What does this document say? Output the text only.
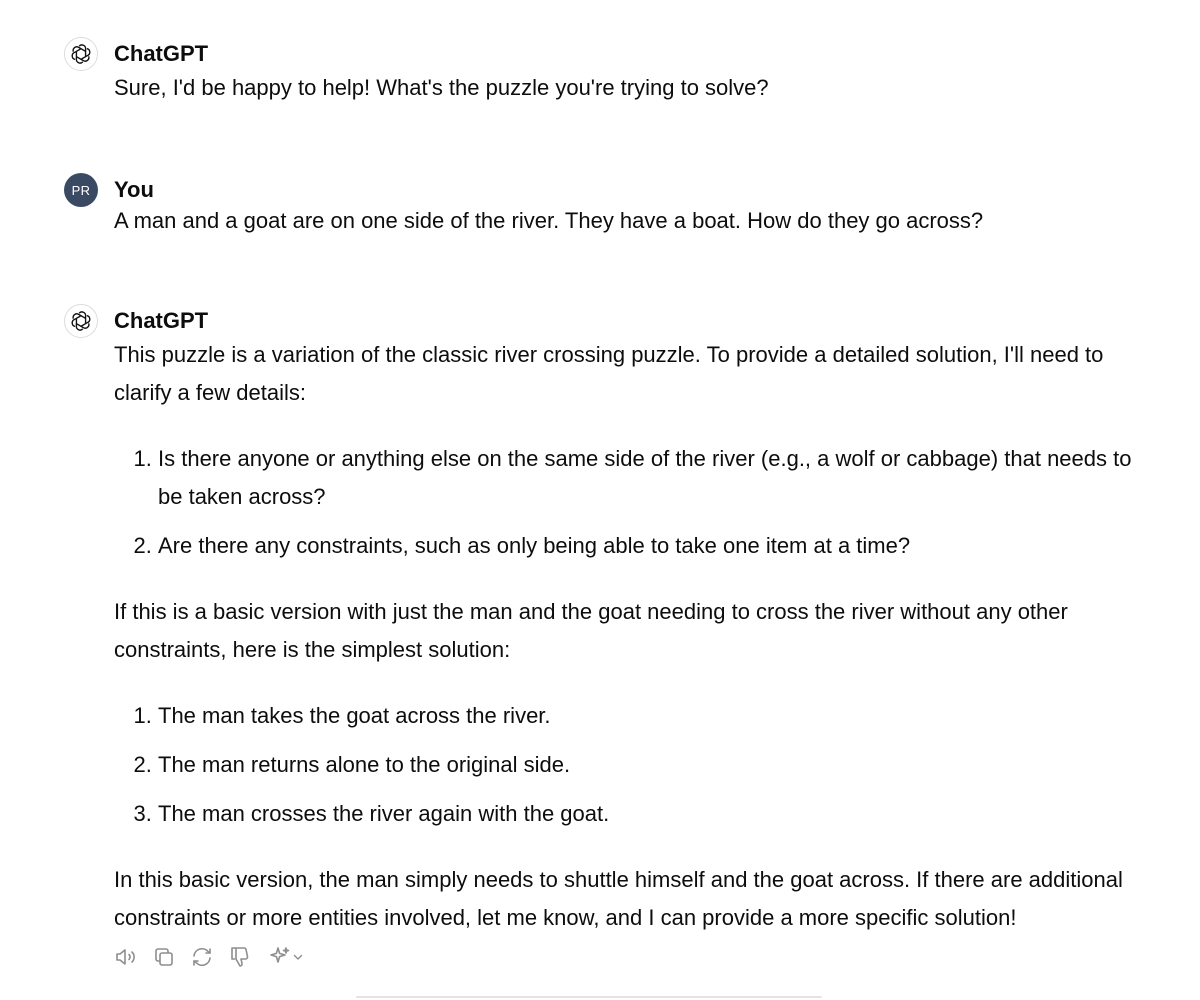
ChatGPT

Sure, I'd be happy to help! What's the puzzle you're trying to solve?

PR You

A man and a goat are on one side of the river. They have a boat. How do they go across?

ChatGPT

This puzzle is a variation of the classic river crossing puzzle. To provide a detailed solution, I'll need to clarify a few details:

1. Is there anyone or anything else on the same side of the river (e.g., a wolf or cabbage) that needs to be taken across?
2. Are there any constraints, such as only being able to take one item at a time?

If this is a basic version with just the man and the goat needing to cross the river without any other constraints, here is the simplest solution:

1. The man takes the goat across the river.
2. The man returns alone to the original side.
3. The man crosses the river again with the goat.

In this basic version, the man simply needs to shuttle himself and the goat across. If there are additional constraints or more entities involved, let me know, and I can provide a more specific solution!
